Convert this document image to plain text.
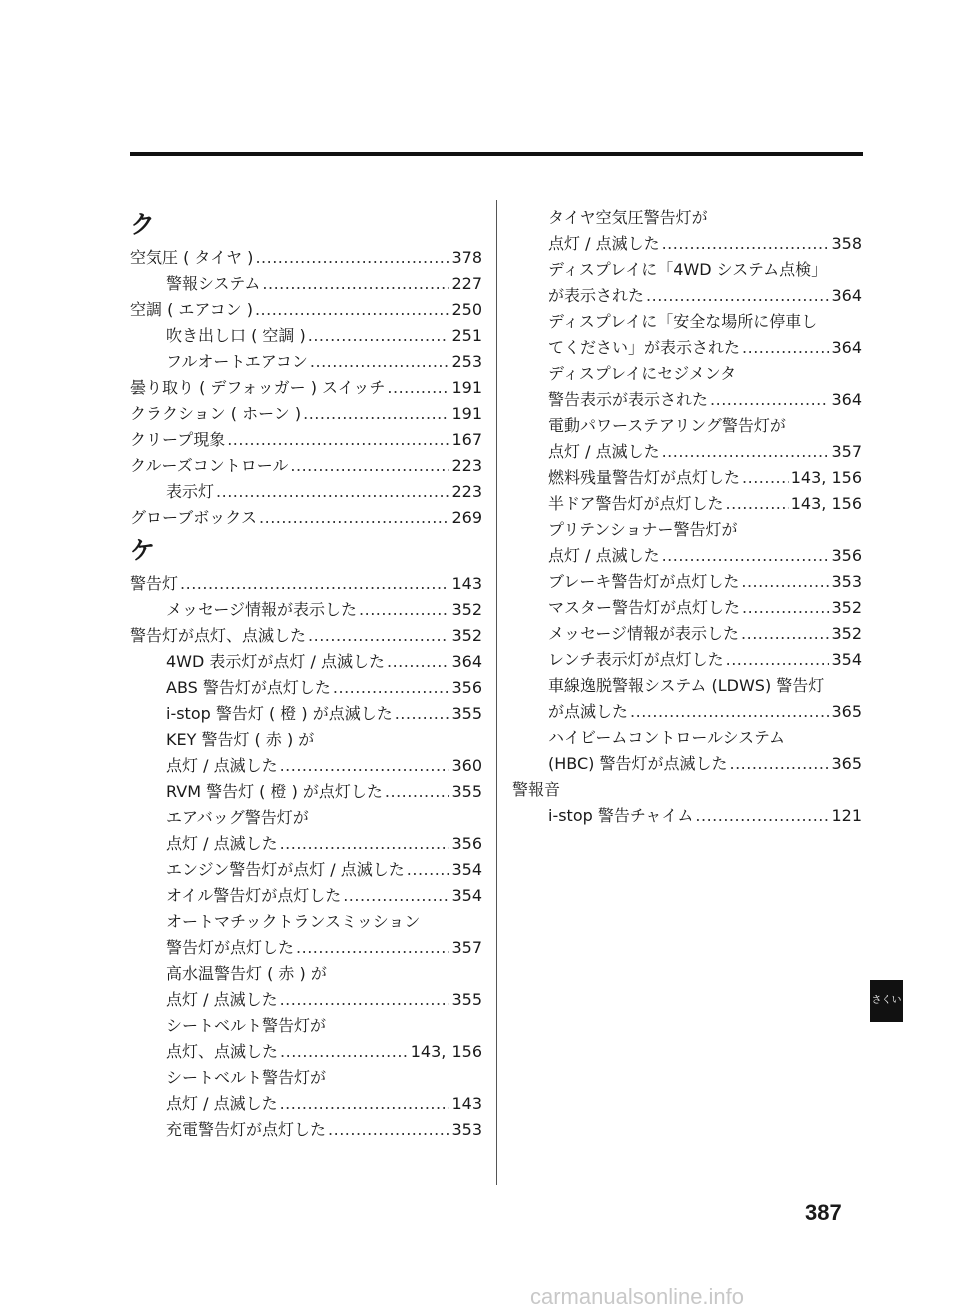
ク
空気圧 ( タイヤ ) .....	378
警報システム .....	227
空調 ( エアコン ) .....	250
吹き出し口 ( 空調 ) .....	251
フルオートエアコン .....	253
曇り取り ( デフォッガー ) スイッチ .....	191
クラクション ( ホーン ) .....	191
クリープ現象 .....	167
クルーズコントロール .....	223
表示灯 .....	223
グローブボックス .....	269
ケ
警告灯 .....	143
メッセージ情報が表示した .....	352
警告灯が点灯、点滅した .....	352
4WD 表示灯が点灯 / 点滅した .....	364
ABS 警告灯が点灯した .....	356
i-stop 警告灯 ( 橙 ) が点滅した .....	355
KEY 警告灯 ( 赤 ) が
点灯 / 点滅した .....	360
RVM 警告灯 ( 橙 ) が点灯した .....	355
エアバッグ警告灯が
点灯 / 点滅した .....	356
エンジン警告灯が点灯 / 点滅した .....	354
オイル警告灯が点灯した .....	354
オートマチックトランスミッション
警告灯が点灯した .....	357
高水温警告灯 ( 赤 ) が
点灯 / 点滅した .....	355
シートベルト警告灯が
点灯、点滅した .....	143, 156
シートベルト警告灯が
点灯 / 点滅した .....	143
充電警告灯が点灯した .....	353
タイヤ空気圧警告灯が
点灯 / 点滅した .....	358
ディスプレイに「4WD システム点検」
が表示された .....	364
ディスプレイに「安全な場所に停車し
てください」が表示された .....	364
ディスプレイにセジメンタ
警告表示が表示された .....	364
電動パワーステアリング警告灯が
点灯 / 点滅した .....	357
燃料残量警告灯が点灯した .....	143, 156
半ドア警告灯が点灯した .....	143, 156
プリテンショナー警告灯が
点灯 / 点滅した .....	356
ブレーキ警告灯が点灯した .....	353
マスター警告灯が点灯した .....	352
メッセージ情報が表示した .....	352
レンチ表示灯が点灯した .....	354
車線逸脱警報システム (LDWS) 警告灯
が点滅した .....	365
ハイビームコントロールシステム
(HBC) 警告灯が点滅した .....	365
警報音
i-stop 警告チャイム .....	121
さくいん
387
carmanualsonline.info
